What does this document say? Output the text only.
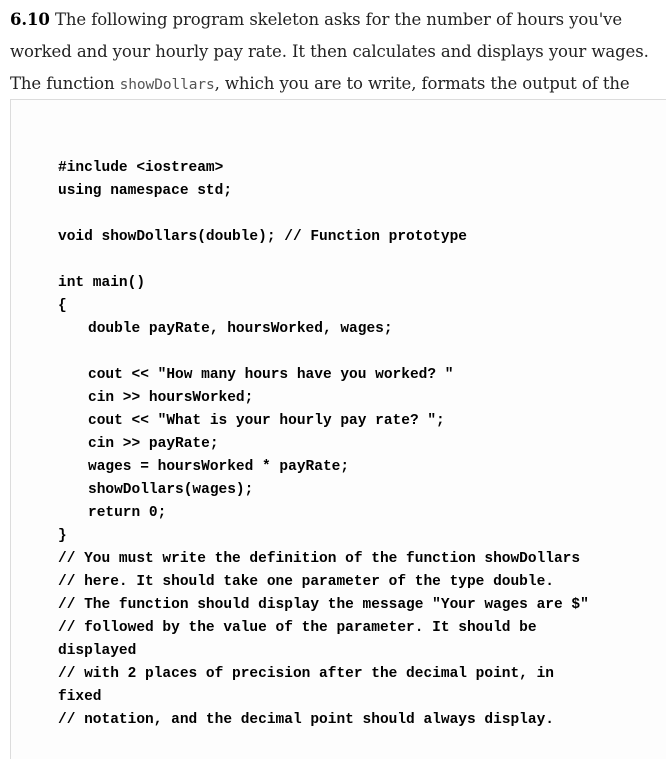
6.10 The following program skeleton asks for the number of hours you've worked and your hourly pay rate. It then calculates and displays your wages. The function showDollars, which you are to write, formats the output of the
#include <iostream>
using namespace std;
void showDollars(double); // Function prototype
int main()
{
double payRate, hoursWorked, wages;
cout << "How many hours have you worked? "
cin >> hoursWorked;
cout << "What is your hourly pay rate? ";
cin >> payRate;
wages = hoursWorked * payRate;
showDollars(wages);
return 0;
}
// You must write the definition of the function showDollars
// here. It should take one parameter of the type double.
// The function should display the message "Your wages are $"
// followed by the value of the parameter. It should be
displayed
// with 2 places of precision after the decimal point, in
fixed
// notation, and the decimal point should always display.
